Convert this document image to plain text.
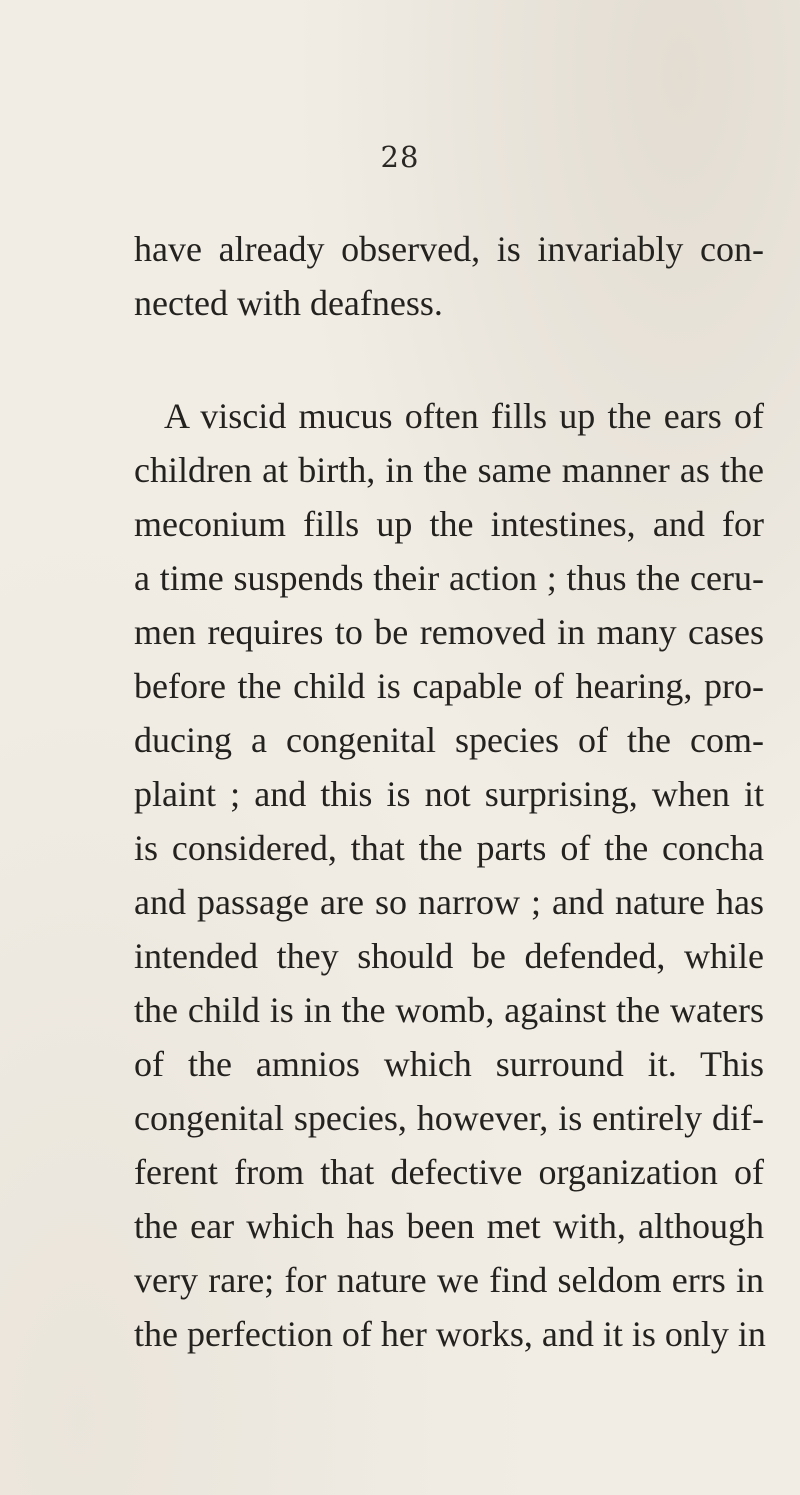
28
have already observed, is invariably con-
nected with deafness.
A viscid mucus often fills up the ears of
children at birth, in the same manner as the
meconium fills up the intestines, and for
a time suspends their action ; thus the ceru-
men requires to be removed in many cases
before the child is capable of hearing, pro-
ducing a congenital species of the com-
plaint ; and this is not surprising, when it
is considered, that the parts of the concha
and passage are so narrow ; and nature has
intended they should be defended, while
the child is in the womb, against the waters
of the amnios which surround it. This
congenital species, however, is entirely dif-
ferent from that defective organization of
the ear which has been met with, although
very rare; for nature we find seldom errs in
the perfection of her works, and it is only in
